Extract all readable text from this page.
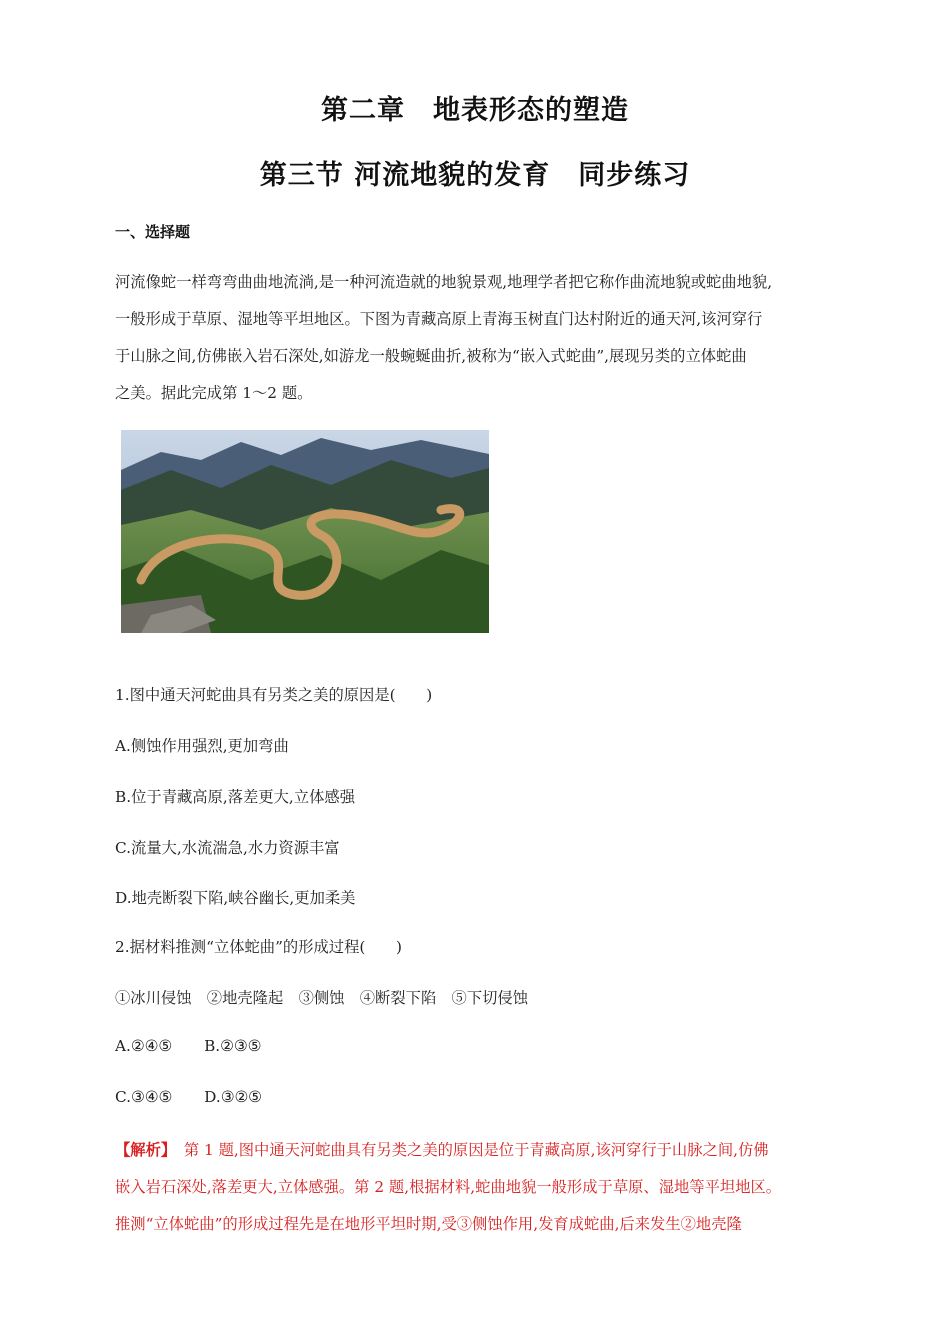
第二章　地表形态的塑造
第三节 河流地貌的发育　同步练习
一、选择题

河流像蛇一样弯弯曲曲地流淌,是一种河流造就的地貌景观,地理学者把它称作曲流地貌或蛇曲地貌,

一般形成于草原、湿地等平坦地区。下图为青藏高原上青海玉树直门达村附近的通天河,该河穿行

于山脉之间,仿佛嵌入岩石深处,如游龙一般蜿蜒曲折,被称为“嵌入式蛇曲”,展现另类的立体蛇曲

之美。据此完成第 1～2 题。

1.图中通天河蛇曲具有另类之美的原因是(　　)
A.侧蚀作用强烈,更加弯曲
B.位于青藏高原,落差更大,立体感强
C.流量大,水流湍急,水力资源丰富
D.地壳断裂下陷,峡谷幽长,更加柔美
2.据材料推测“立体蛇曲”的形成过程(　　)
①冰川侵蚀　②地壳隆起　③侧蚀　④断裂下陷　⑤下切侵蚀
A.②④⑤ B.②③⑤
C.③④⑤ D.③②⑤

【解析】　第 1 题,图中通天河蛇曲具有另类之美的原因是位于青藏高原,该河穿行于山脉之间,仿佛

嵌入岩石深处,落差更大,立体感强。第 2 题,根据材料,蛇曲地貌一般形成于草原、湿地等平坦地区。

推测“立体蛇曲”的形成过程先是在地形平坦时期,受③侧蚀作用,发育成蛇曲,后来发生②地壳隆
